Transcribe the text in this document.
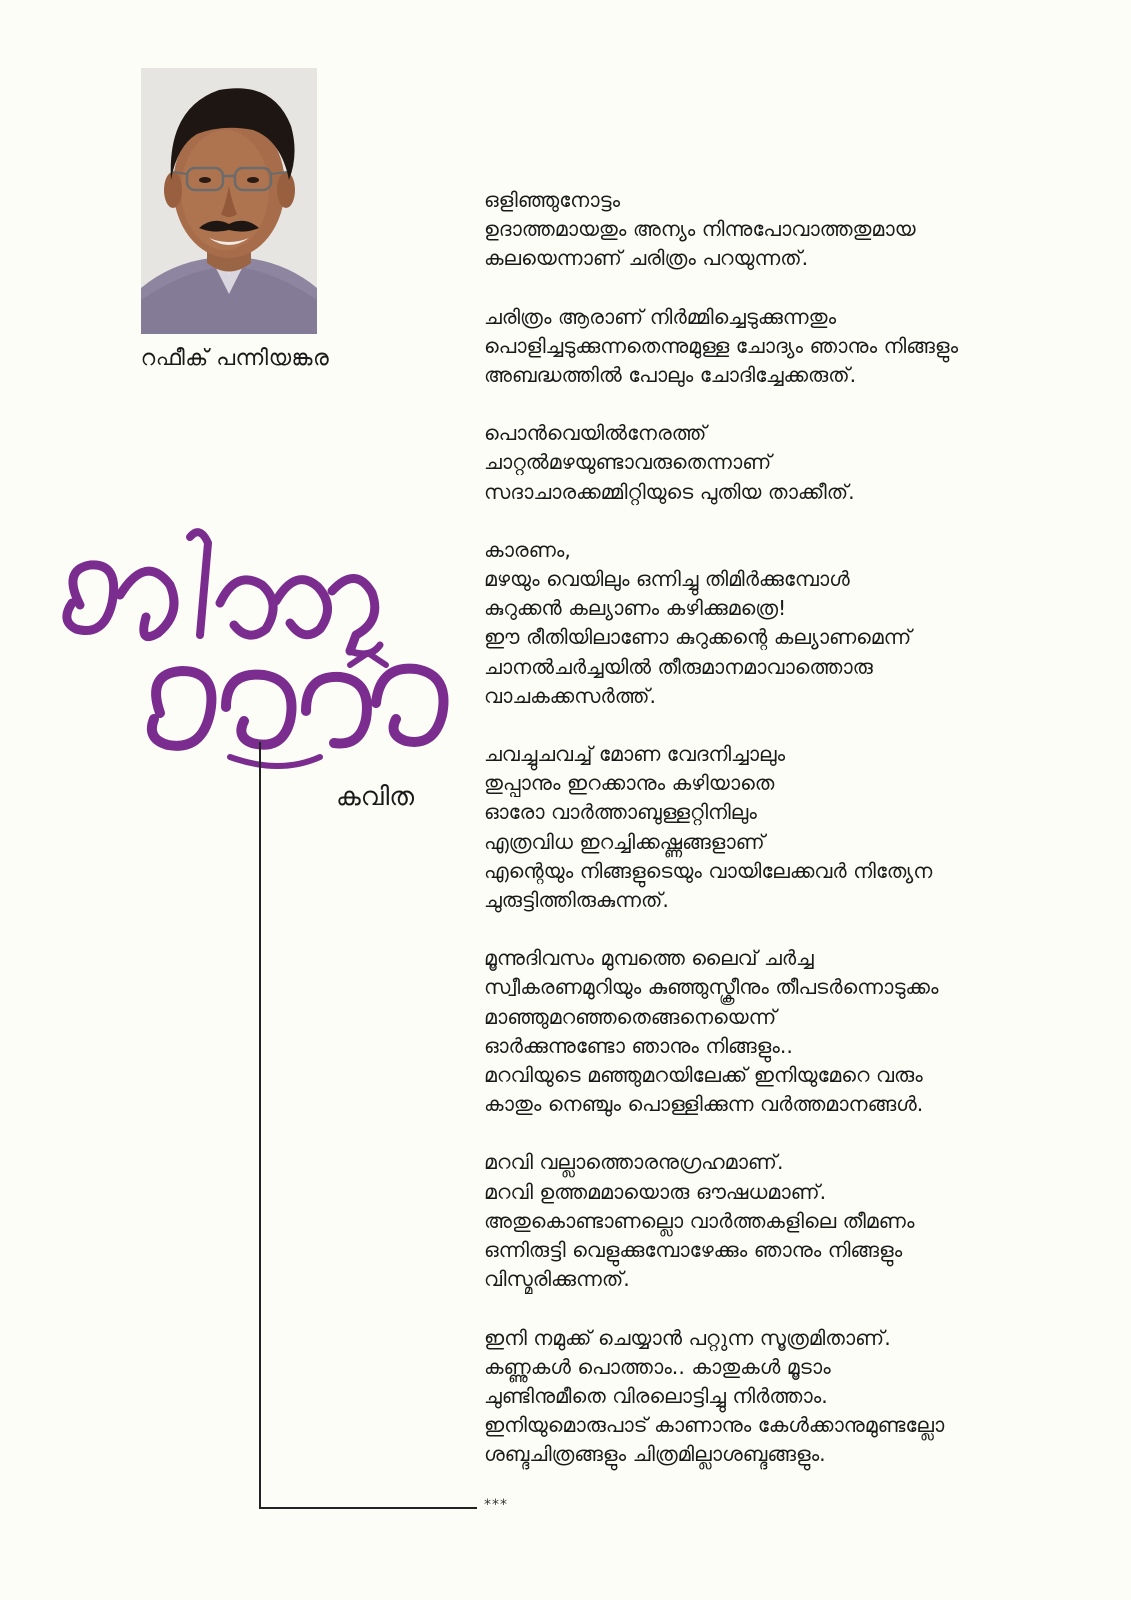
റഫീക് പന്നിയങ്കര
കവിത
***
ഒളിഞ്ഞുനോട്ടം
ഉദാത്തമായതും അന്യം നിന്നുപോവാത്തതുമായ
കലയെന്നാണ് ചരിത്രം പറയുന്നത്.
ചരിത്രം ആരാണ് നിർമ്മിച്ചെടുക്കുന്നതും
പൊളിച്ചടുക്കുന്നതെന്നുമുള്ള ചോദ്യം ഞാനും നിങ്ങളും
അബദ്ധത്തിൽ പോലും ചോദിച്ചേക്കരുത്.
പൊൻവെയിൽനേരത്ത്
ചാറ്റൽമഴയുണ്ടാവരുതെന്നാണ്
സദാചാരക്കമ്മിറ്റിയുടെ പുതിയ താക്കീത്.
കാരണം,
മഴയും വെയിലും ഒന്നിച്ചു തിമിർക്കുമ്പോൾ
കുറുക്കൻ കല്യാണം കഴിക്കുമത്രെ!
ഈ രീതിയിലാണോ കുറുക്കന്റെ കല്യാണമെന്ന്
ചാനൽചർച്ചയിൽ തീരുമാനമാവാത്തൊരു
വാചകക്കസർത്ത്.
ചവച്ചുചവച്ച് മോണ വേദനിച്ചാലും
തുപ്പാനും ഇറക്കാനും കഴിയാതെ
ഓരോ വാർത്താബുള്ളറ്റിനിലും
എത്രവിധ ഇറച്ചിക്കഷ്ണങ്ങളാണ്
എന്റെയും നിങ്ങളുടെയും വായിലേക്കവർ നിത്യേന
ചുരുട്ടിത്തിരുകുന്നത്.
മൂന്നുദിവസം മുമ്പത്തെ ലൈവ് ചർച്ച
സ്വീകരണമുറിയും കുഞ്ഞുസ്ക്രീനും തീപടർന്നൊടുക്കം
മാഞ്ഞുമറഞ്ഞതെങ്ങനെയെന്ന്
ഓർക്കുന്നുണ്ടോ ഞാനും നിങ്ങളും..
മറവിയുടെ മഞ്ഞുമറയിലേക്ക് ഇനിയുമേറെ വരും
കാതും നെഞ്ചും പൊള്ളിക്കുന്ന വർത്തമാനങ്ങൾ.
മറവി വല്ലാത്തൊരനുഗ്രഹമാണ്.
മറവി ഉത്തമമായൊരു ഔഷധമാണ്.
അതുകൊണ്ടാണല്ലൊ വാർത്തകളിലെ തീമണം
ഒന്നിരുട്ടി വെളുക്കുമ്പോഴേക്കും ഞാനും നിങ്ങളും
വിസ്മരിക്കുന്നത്.
ഇനി നമുക്ക് ചെയ്യാൻ പറ്റുന്ന സൂത്രമിതാണ്.
കണ്ണുകൾ പൊത്താം.. കാതുകൾ മൂടാം
ചുണ്ടിനുമീതെ വിരലൊട്ടിച്ചു നിർത്താം.
ഇനിയുമൊരുപാട് കാണാനും കേൾക്കാനുമുണ്ടല്ലോ
ശബ്ദചിത്രങ്ങളും ചിത്രമില്ലാശബ്ദങ്ങളും.
